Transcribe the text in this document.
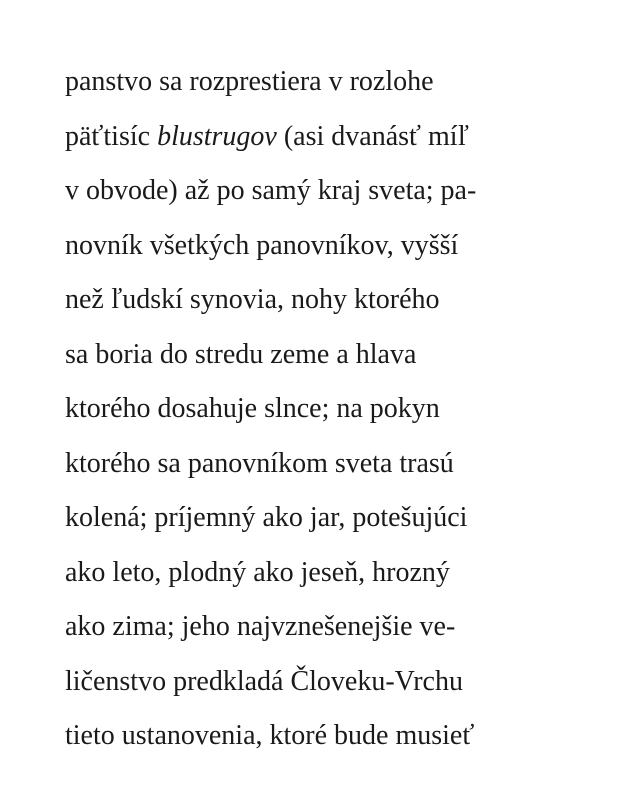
panstvo sa rozprestiera v rozlohe
päťtisíc blustrugov (asi dvanásť míľ
v obvode) až po samý kraj sveta; pa-
novník všetkých panovníkov, vyšší
než ľudskí synovia, nohy ktorého
sa boria do stredu zeme a hlava
ktorého dosahuje slnce; na pokyn
ktorého sa panovníkom sveta trasú
kolená; príjemný ako jar, potešujúci
ako leto, plodný ako jeseň, hrozný
ako zima; jeho najvznešenejšie ve-
ličenstvo predkladá Človeku-Vrchu
tieto ustanovenia, ktoré bude musieť
